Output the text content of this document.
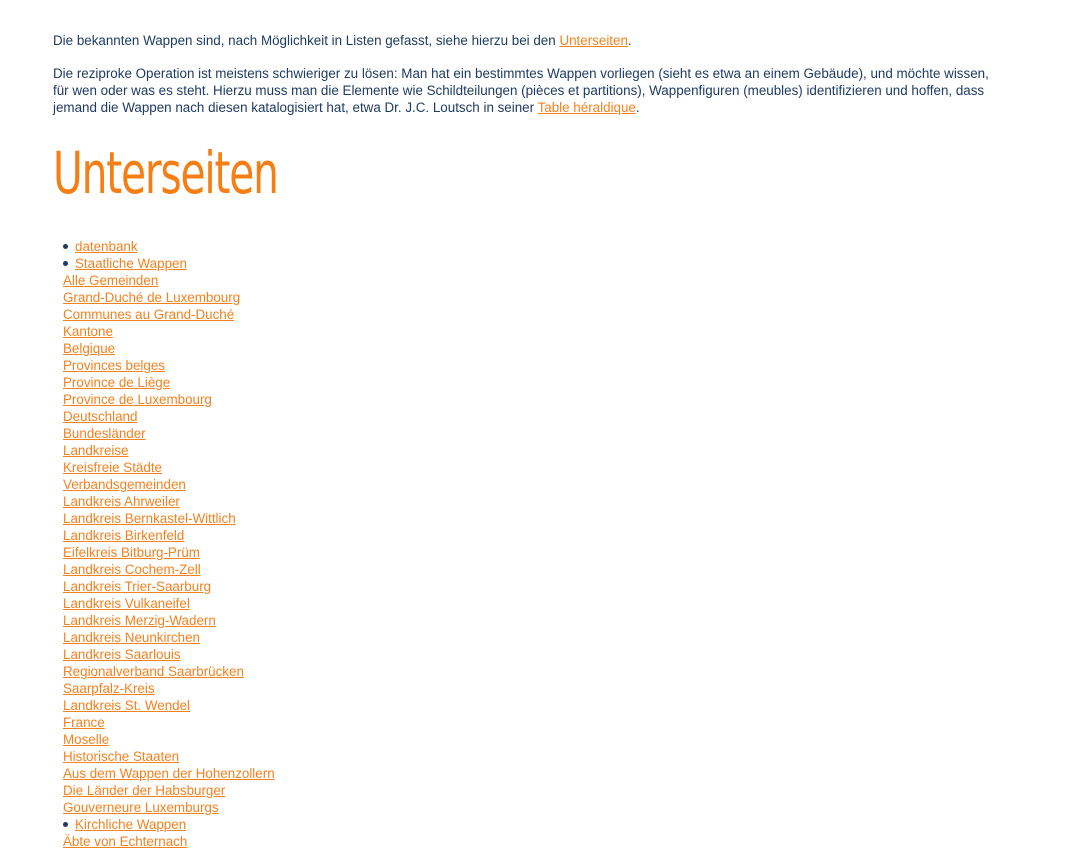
Die bekannten Wappen sind, nach Möglichkeit in Listen gefasst, siehe hierzu bei den Unterseiten.

Die reziproke Operation ist meistens schwieriger zu lösen: Man hat ein bestimmtes Wappen vorliegen (sieht es etwa an einem Gebäude), und möchte wissen, für wen oder was es steht. Hierzu muss man die Elemente wie Schildteilungen (pièces et partitions), Wappenfiguren (meubles) identifizieren und hoffen, dass jemand die Wappen nach diesen katalogisiert hat, etwa Dr. J.C. Loutsch in seiner Table héraldique.

Unterseiten
datenbank
Staatliche Wappen
Alle Gemeinden
Grand-Duché de Luxembourg
Communes au Grand-Duché
Kantone
Belgique
Provinces belges
Province de Liège
Province de Luxembourg
Deutschland
Bundesländer
Landkreise
Kreisfreie Städte
Verbandsgemeinden
Landkreis Ahrweiler
Landkreis Bernkastel-Wittlich
Landkreis Birkenfeld
Eifelkreis Bitburg-Prüm
Landkreis Cochem-Zell
Landkreis Trier-Saarburg
Landkreis Vulkaneifel
Landkreis Merzig-Wadern
Landkreis Neunkirchen
Landkreis Saarlouis
Regionalverband Saarbrücken
Saarpfalz-Kreis
Landkreis St. Wendel
France
Moselle
Historische Staaten
Aus dem Wappen der Hohenzollern
Die Länder der Habsburger
Gouverneure Luxemburgs
Kirchliche Wappen
Äbte von Echternach
